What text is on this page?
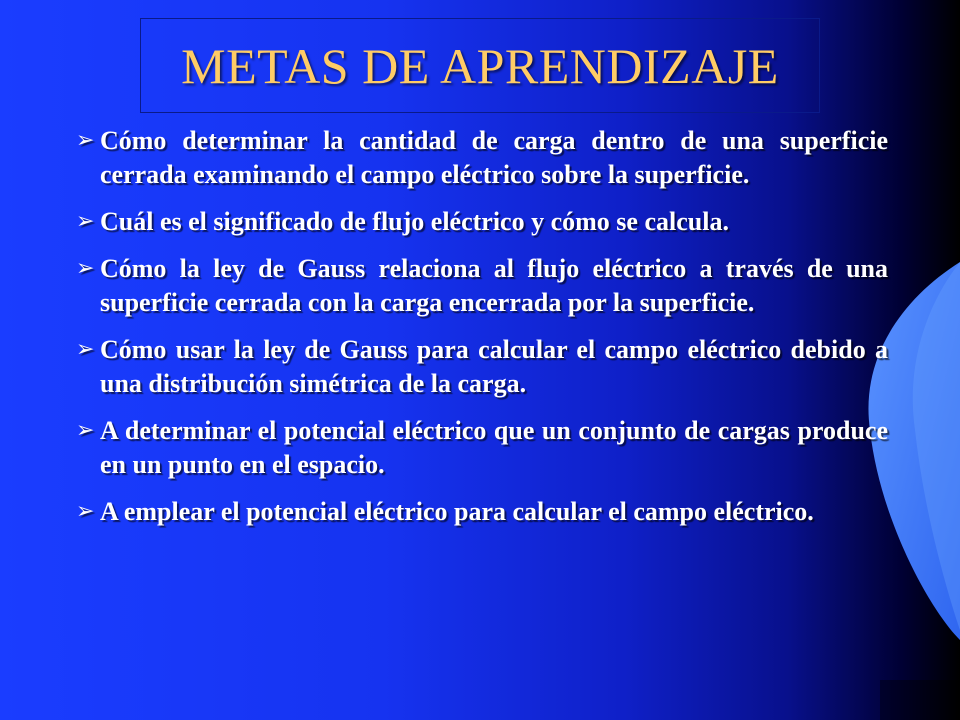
METAS DE APRENDIZAJE
➢ Cómo determinar la cantidad de carga dentro de una superficie cerrada examinando el campo eléctrico sobre la superficie.
➢ Cuál es el significado de flujo eléctrico y cómo se calcula.
➢ Cómo la ley de Gauss relaciona al flujo eléctrico a través de una superficie cerrada con la carga encerrada por la superficie.
➢ Cómo usar la ley de Gauss para calcular el campo eléctrico debido a una distribución simétrica de la carga.
➢ A determinar el potencial eléctrico que un conjunto de cargas produce en un punto en el espacio.
➢ A emplear el potencial eléctrico para calcular el campo eléctrico.
